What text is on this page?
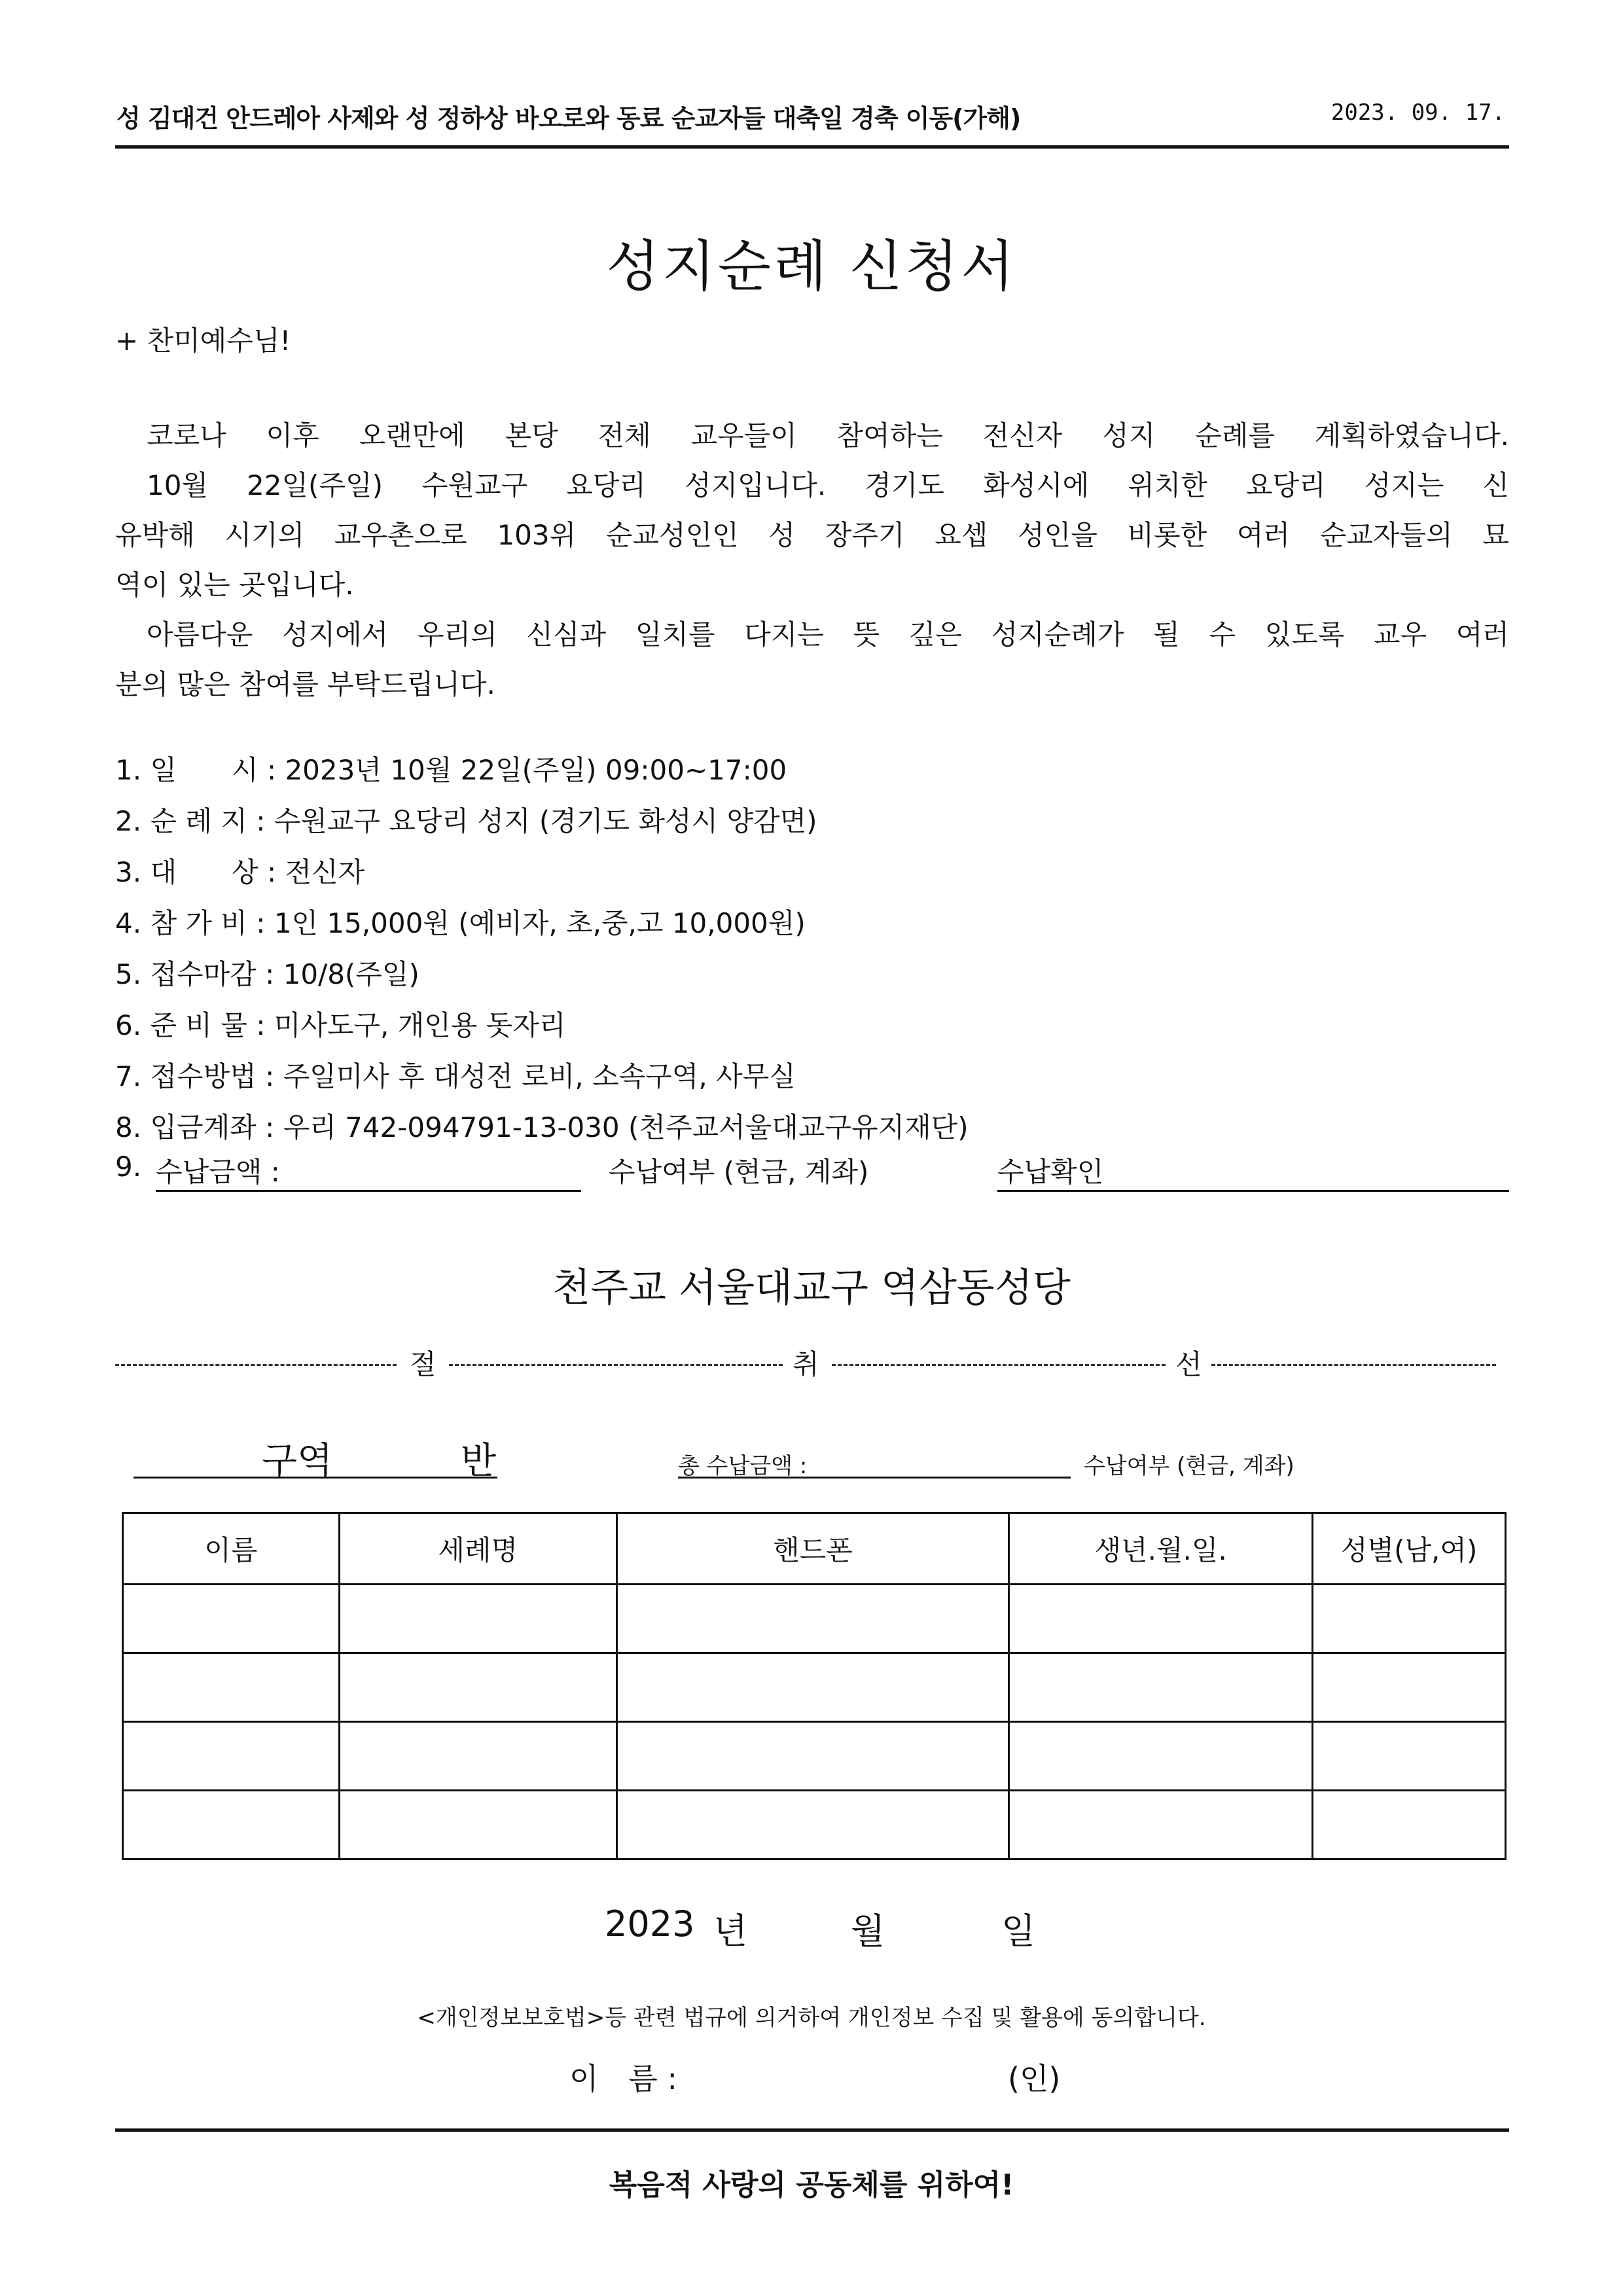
성 김대건 안드레아 사제와 성 정하상 바오로와 동료 순교자들 대축일 경축 이동(가해)	2023. 09. 17.
성지순례 신청서
+ 찬미예수님!

코로나 이후 오랜만에 본당 전체 교우들이 참여하는 전신자 성지 순례를 계획하였습니다.

10월 22일(주일) 수원교구 요당리 성지입니다. 경기도 화성시에 위치한 요당리 성지는 신

유박해 시기의 교우촌으로 103위 순교성인인 성 장주기 요셉 성인을 비롯한 여러 순교자들의 묘

역이 있는 곳입니다.

아름다운 성지에서 우리의 신심과 일치를 다지는 뜻 깊은 성지순례가 될 수 있도록 교우 여러

분의 많은 참여를 부탁드립니다.

1. 일　　시 : 2023년 10월 22일(주일) 09:00~17:00
2. 순 례 지 : 수원교구 요당리 성지 (경기도 화성시 양감면)
3. 대　　상 : 전신자
4. 참 가 비 : 1인 15,000원 (예비자, 초,중,고 10,000원)
5. 접수마감 : 10/8(주일)
6. 준 비 물 : 미사도구, 개인용 돗자리
7. 접수방법 : 주일미사 후 대성전 로비, 소속구역, 사무실
8. 입금계좌 : 우리 742-094791-13-030 (천주교서울대교구유지재단)
9. 수납금액 :	수납여부 (현금, 계좌)	수납확인
천주교 서울대교구 역삼동성당
절	취	선
구역	반	총 수납금액 :	수납여부 (현금, 계좌)
이름	세례명	핸드폰	생년.월.일.	성별(남,여)

2023 년	월	일
<개인정보보호법>등 관련 법규에 의거하여 개인정보 수집 및 활용에 동의합니다.
이　름 :	(인)
복음적 사랑의 공동체를 위하여!
